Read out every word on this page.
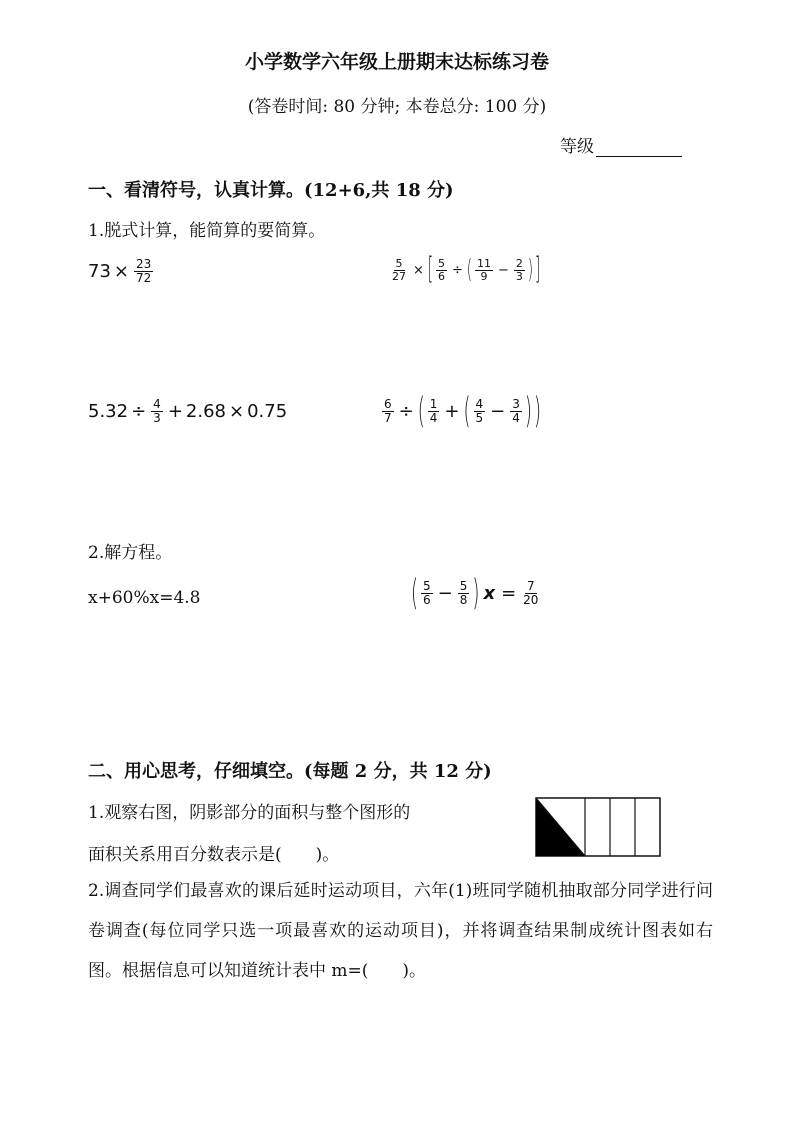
小学数学六年级上册期末达标练习卷
(答卷时间: 80 分钟; 本卷总分: 100 分)
等级
一、看清符号，认真计算。(12+6,共 18 分)
1.脱式计算，能简算的要简算。
$73 \times \frac{23}{72}$	$\frac{5}{27}$ × [ $\frac{5}{6}$ ÷ ( $\frac{11}{9} - \frac{2}{3}$ ) ]
$5.32 \div \frac{4}{3} + 2.68 \times 0.75$	$\frac{6}{7}$ ÷ ( $\frac{1}{4}$ + ( $\frac{4}{5} - \frac{3}{4}$ ) )
2.解方程。
x+60%x=4.8	( $\frac{5}{6} - \frac{5}{8}$ ) $x = \frac{7}{20}$
二、用心思考，仔细填空。(每题 2 分，共 12 分)
1.观察右图，阴影部分的面积与整个图形的
面积关系用百分数表示是(　　)。
2.调查同学们最喜欢的课后延时运动项目，六年(1)班同学随机抽取部分同学进行问卷调查(每位同学只选一项最喜欢的运动项目)，并将调查结果制成统计图表如右图。根据信息可以知道统计表中 m=(　　)。
